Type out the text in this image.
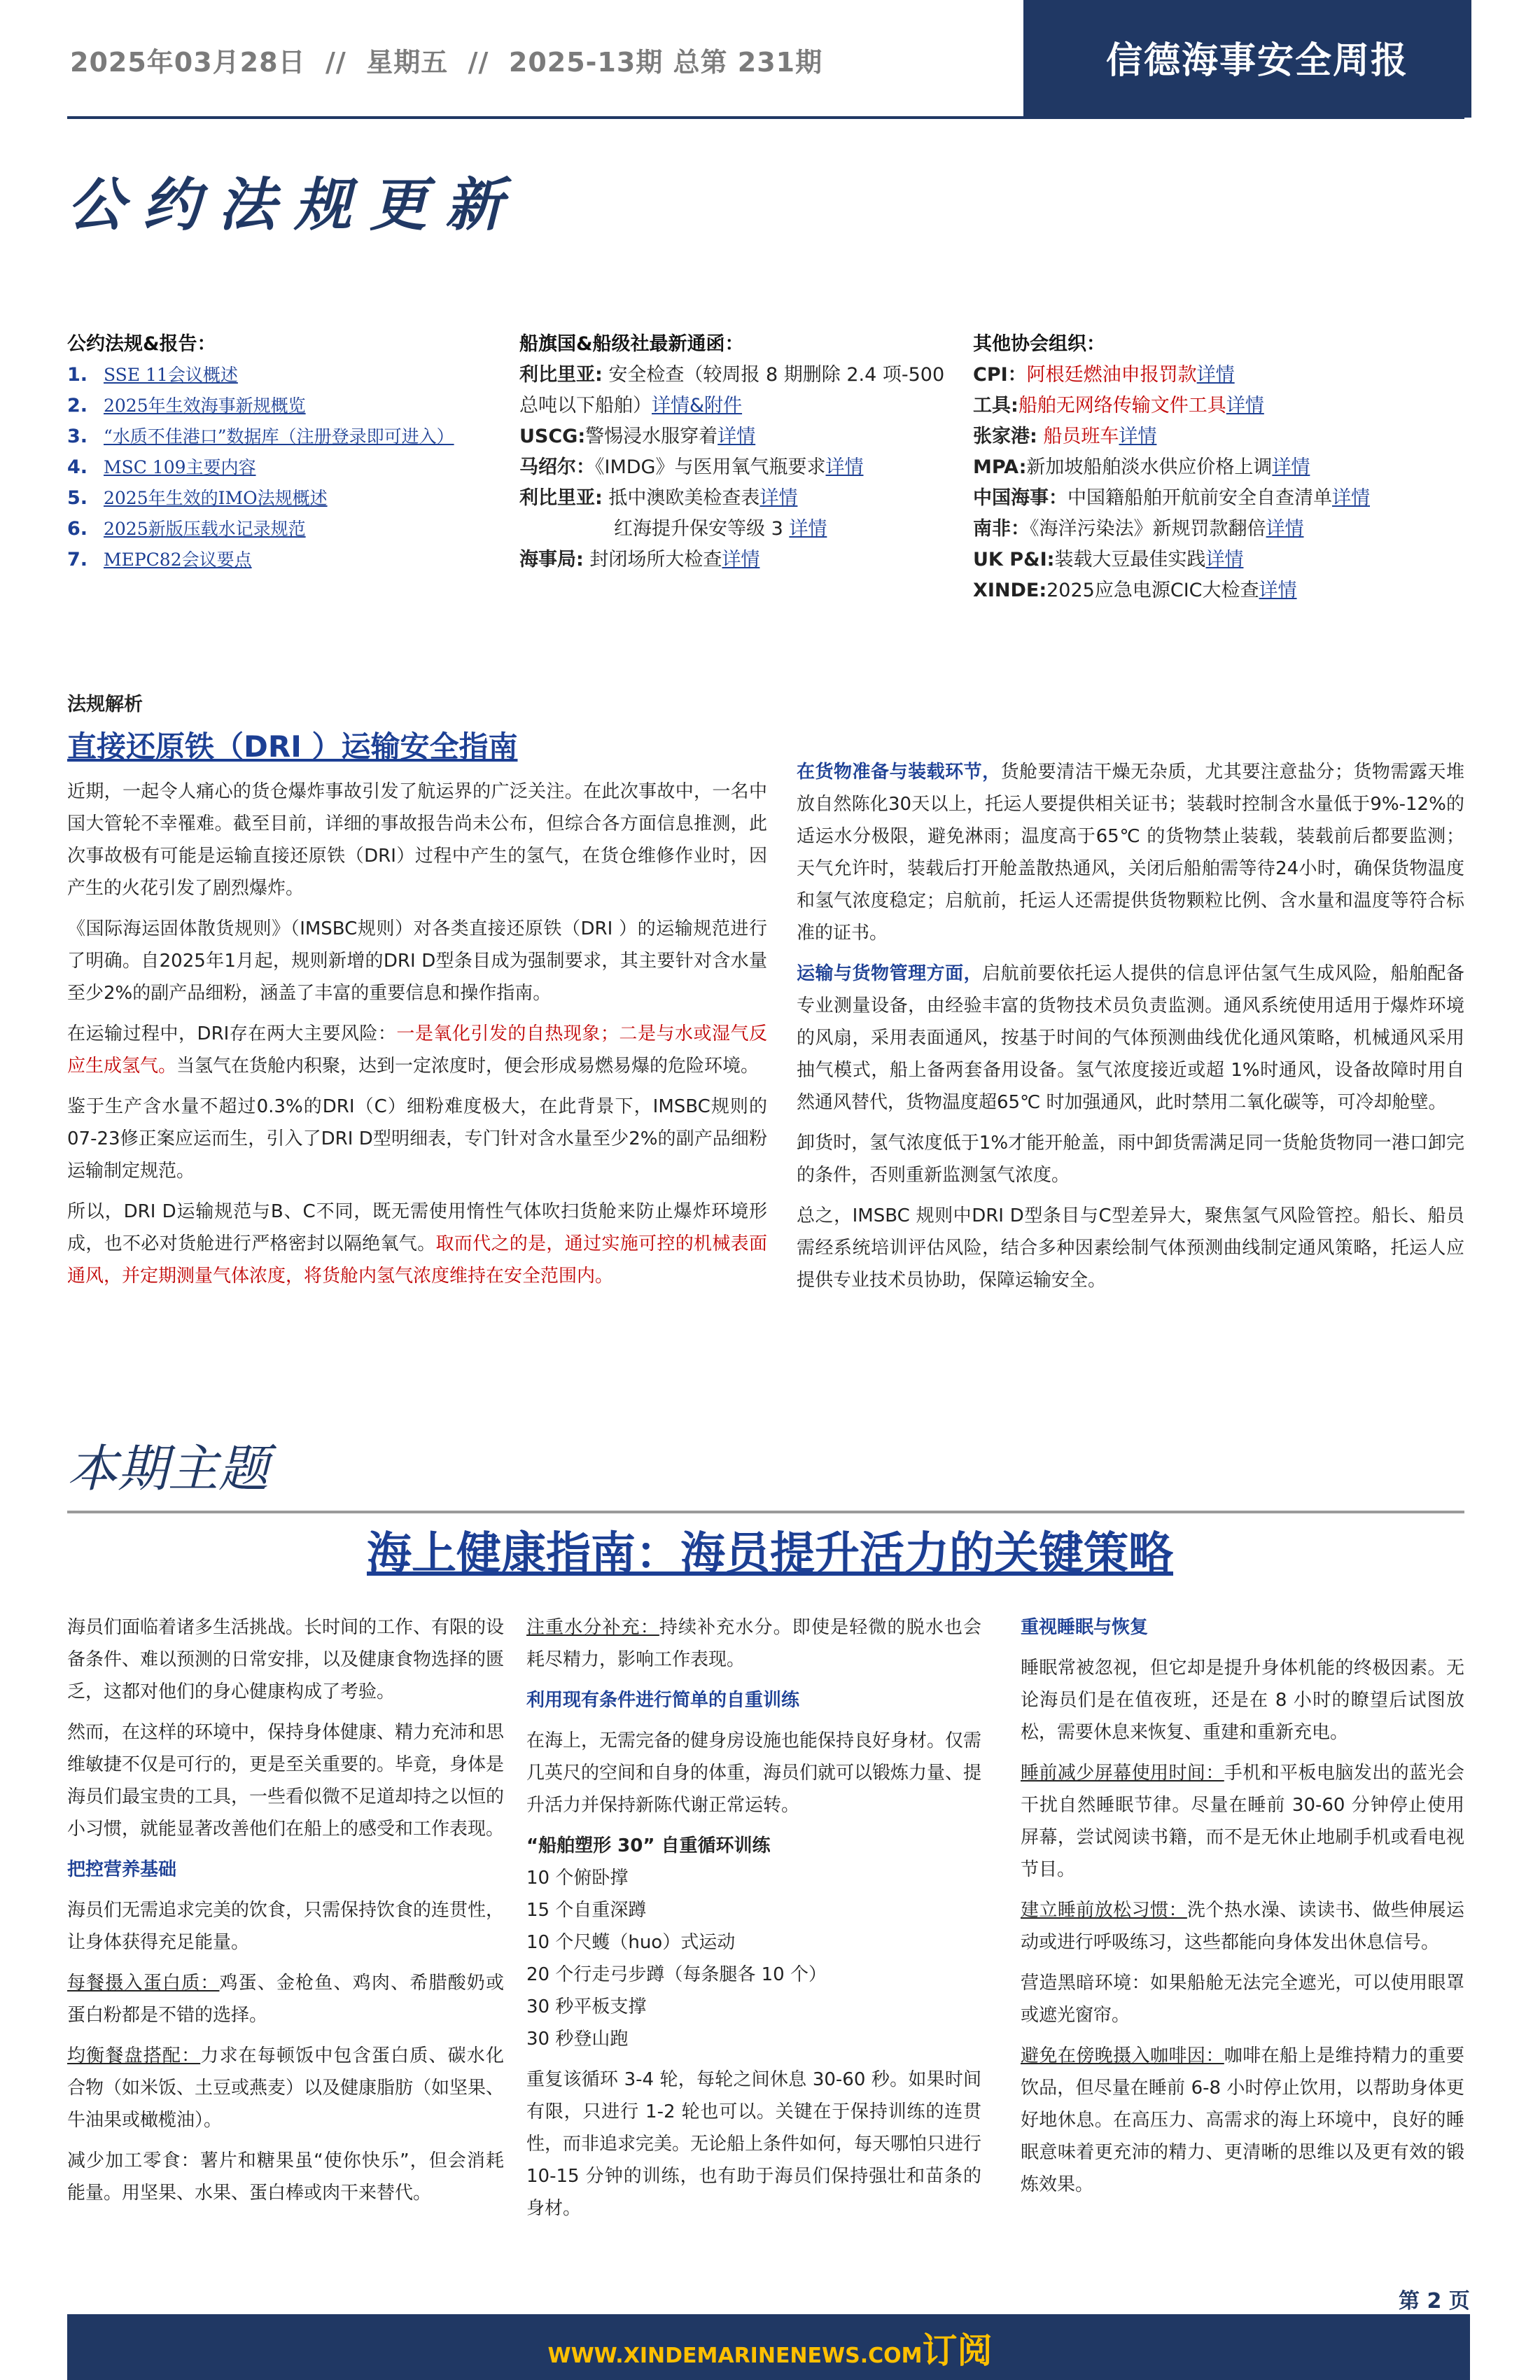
2025年03月28日  //  星期五  //  2025-13期 总第 231期	信德海事安全周报
公约法规更新
公约法规&报告：
1. SSE 11会议概述
2. 2025年生效海事新规概览
3. “水质不佳港口”数据库（注册登录即可进入）
4. MSC 109主要内容
5. 2025年生效的IMO法规概述
6. 2025新版压载水记录规范
7. MEPC82会议要点
船旗国&船级社最新通函：
利比里亚: 安全检查（较周报 8 期删除 2.4 项-500
总吨以下船舶）详情&附件
USCG:警惕浸水服穿着详情
马绍尔：《IMDG》与医用氧气瓶要求详情
利比里亚: 抵中澳欧美检查表详情
红海提升保安等级 3 详情
海事局: 封闭场所大检查详情
其他协会组织：
CPI：阿根廷燃油申报罚款详情
工具:船舶无网络传输文件工具详情
张家港: 船员班车详情
MPA:新加坡船舶淡水供应价格上调详情
中国海事：中国籍船舶开航前安全自查清单详情
南非：《海洋污染法》新规罚款翻倍详情
UK P&I:装载大豆最佳实践详情
XINDE:2025应急电源CIC大检查详情
法规解析
直接还原铁（DRI ）运输安全指南

近期，一起令人痛心的货仓爆炸事故引发了航运界的广泛关注。在此次事故中，一名中国大管轮不幸罹难。截至目前，详细的事故报告尚未公布，但综合各方面信息推测，此次事故极有可能是运输直接还原铁（DRI）过程中产生的氢气，在货仓维修作业时，因产生的火花引发了剧烈爆炸。

《国际海运固体散货规则》（IMSBC规则）对各类直接还原铁（DRI ）的运输规范进行了明确。自2025年1月起，规则新增的DRI D型条目成为强制要求，其主要针对含水量至少2%的副产品细粉，涵盖了丰富的重要信息和操作指南。

在运输过程中，DRI存在两大主要风险：一是氧化引发的自热现象；二是与水或湿气反应生成氢气。当氢气在货舱内积聚，达到一定浓度时，便会形成易燃易爆的危险环境。

鉴于生产含水量不超过0.3%的DRI（C）细粉难度极大，在此背景下，IMSBC规则的07-23修正案应运而生，引入了DRI D型明细表，专门针对含水量至少2%的副产品细粉运输制定规范。

所以，DRI D运输规范与B、C不同，既无需使用惰性气体吹扫货舱来防止爆炸环境形成，也不必对货舱进行严格密封以隔绝氧气。取而代之的是，通过实施可控的机械表面通风，并定期测量气体浓度，将货舱内氢气浓度维持在安全范围内。

在货物准备与装载环节，货舱要清洁干燥无杂质，尤其要注意盐分；货物需露天堆放自然陈化30天以上，托运人要提供相关证书；装载时控制含水量低于9%-12%的适运水分极限，避免淋雨；温度高于65℃ 的货物禁止装载，装载前后都要监测；天气允许时，装载后打开舱盖散热通风，关闭后船舶需等待24小时，确保货物温度和氢气浓度稳定；启航前，托运人还需提供货物颗粒比例、含水量和温度等符合标准的证书。

运输与货物管理方面，启航前要依托运人提供的信息评估氢气生成风险，船舶配备专业测量设备，由经验丰富的货物技术员负责监测。通风系统使用适用于爆炸环境的风扇，采用表面通风，按基于时间的气体预测曲线优化通风策略，机械通风采用抽气模式，船上备两套备用设备。氢气浓度接近或超 1%时通风，设备故障时用自然通风替代，货物温度超65℃ 时加强通风，此时禁用二氧化碳等，可冷却舱壁。

卸货时，氢气浓度低于1%才能开舱盖，雨中卸货需满足同一货舱货物同一港口卸完的条件，否则重新监测氢气浓度。

总之，IMSBC 规则中DRI D型条目与C型差异大，聚焦氢气风险管控。船长、船员需经系统培训评估风险，结合多种因素绘制气体预测曲线制定通风策略，托运人应提供专业技术员协助，保障运输安全。

本期主题
海上健康指南：海员提升活力的关键策略

海员们面临着诸多生活挑战。长时间的工作、有限的设备条件、难以预测的日常安排，以及健康食物选择的匮乏，这都对他们的身心健康构成了考验。

然而，在这样的环境中，保持身体健康、精力充沛和思维敏捷不仅是可行的，更是至关重要的。毕竟，身体是海员们最宝贵的工具，一些看似微不足道却持之以恒的小习惯，就能显著改善他们在船上的感受和工作表现。

把控营养基础

海员们无需追求完美的饮食，只需保持饮食的连贯性，让身体获得充足能量。

每餐摄入蛋白质：鸡蛋、金枪鱼、鸡肉、希腊酸奶或蛋白粉都是不错的选择。

均衡餐盘搭配：力求在每顿饭中包含蛋白质、碳水化合物（如米饭、土豆或燕麦）以及健康脂肪（如坚果、牛油果或橄榄油）。

减少加工零食：薯片和糖果虽“使你快乐”，但会消耗能量。用坚果、水果、蛋白棒或肉干来替代。

注重水分补充：持续补充水分。即使是轻微的脱水也会耗尽精力，影响工作表现。

利用现有条件进行简单的自重训练

在海上，无需完备的健身房设施也能保持良好身材。仅需几英尺的空间和自身的体重，海员们就可以锻炼力量、提升活力并保持新陈代谢正常运转。

“船舶塑形 30” 自重循环训练

10 个俯卧撑
15 个自重深蹲
10 个尺蠖（huo）式运动
20 个行走弓步蹲（每条腿各 10 个）
30 秒平板支撑
30 秒登山跑

重复该循环 3-4 轮，每轮之间休息 30-60 秒。如果时间有限，只进行 1-2 轮也可以。关键在于保持训练的连贯性，而非追求完美。无论船上条件如何，每天哪怕只进行 10-15 分钟的训练，也有助于海员们保持强壮和苗条的身材。

重视睡眠与恢复

睡眠常被忽视，但它却是提升身体机能的终极因素。无论海员们是在值夜班，还是在 8 小时的瞭望后试图放松，需要休息来恢复、重建和重新充电。

睡前减少屏幕使用时间：手机和平板电脑发出的蓝光会干扰自然睡眠节律。尽量在睡前 30-60 分钟停止使用屏幕，尝试阅读书籍，而不是无休止地刷手机或看电视节目。

建立睡前放松习惯：洗个热水澡、读读书、做些伸展运动或进行呼吸练习，这些都能向身体发出休息信号。

营造黑暗环境：如果船舱无法完全遮光，可以使用眼罩或遮光窗帘。

避免在傍晚摄入咖啡因：咖啡在船上是维持精力的重要饮品，但尽量在睡前 6-8 小时停止饮用，以帮助身体更好地休息。在高压力、高需求的海上环境中，良好的睡眠意味着更充沛的精力、更清晰的思维以及更有效的锻炼效果。

第 2 页
WWW.XINDEMARINENEWS.COM订阅
